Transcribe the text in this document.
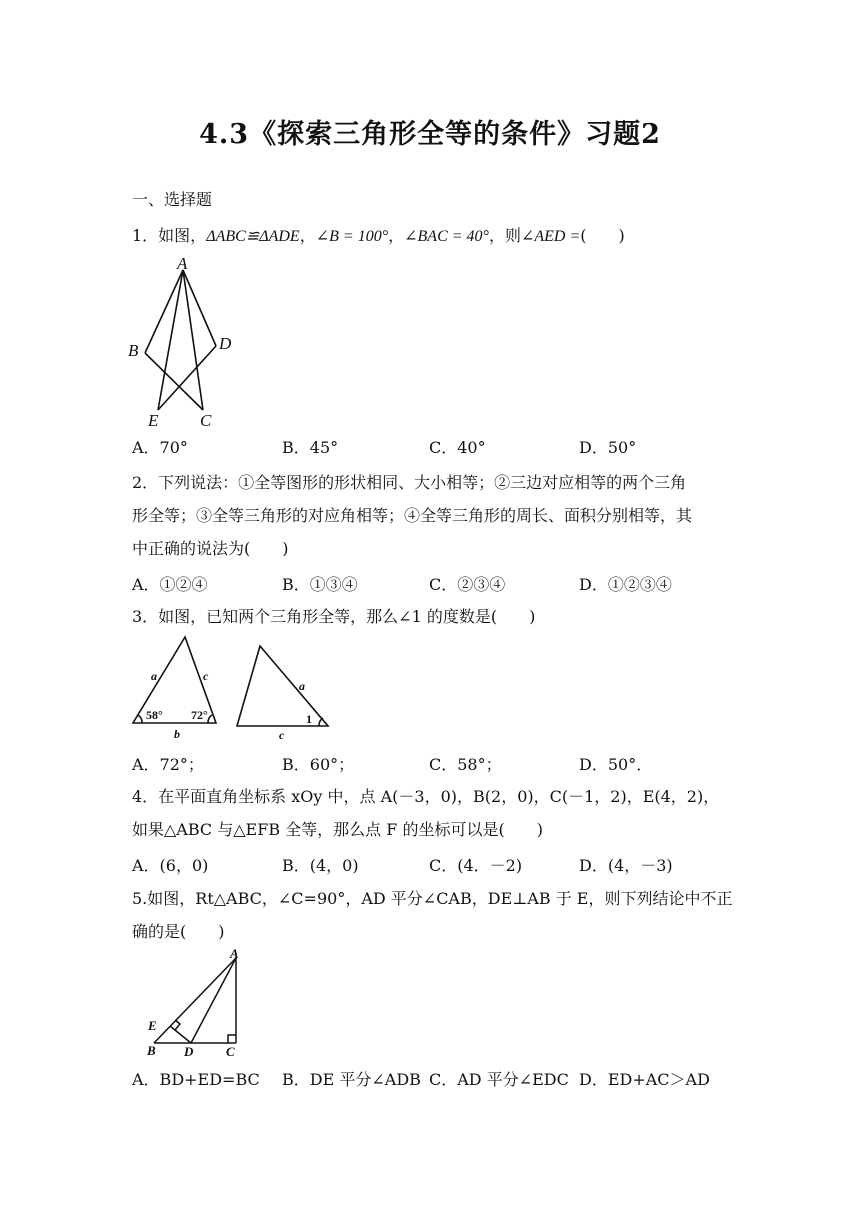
4.3《探索三角形全等的条件》习题2
一、选择题
1．如图，ΔABC≌ΔADE，∠B = 100°，∠BAC = 40°，则∠AED =(　　)
A
B	D
E C
A．70°	B．45°	C．40°	D．50°
2．下列说法：①全等图形的形状相同、大小相等；②三边对应相等的两个三角
形全等；③全等三角形的对应角相等；④全等三角形的周长、面积分别相等，其
中正确的说法为(　　)
A．①②④	B．①③④	C．②③④	D．①②③④
3．如图，已知两个三角形全等，那么∠1 的度数是(　　)
a	c
b
58° 72°
a
1
c
A．72°；	B．60°；	C．58°；	D．50°．
4．在平面直角坐标系 xOy 中，点 A(－3，0)，B(2，0)，C(－1，2)，E(4，2)，
如果△ABC 与△EFB 全等，那么点 F 的坐标可以是(　　)
A．(6，0)	B．(4，0)	C．(4．－2)	D．(4，－3)
5.如图，Rt△ABC，∠C=90°，AD 平分∠CAB，DE⊥AB 于 E，则下列结论中不正
确的是(　　)
A
E
B D	C
A．BD+ED=BC B．DE 平分∠ADB C．AD 平分∠EDC D．ED+AC＞AD
